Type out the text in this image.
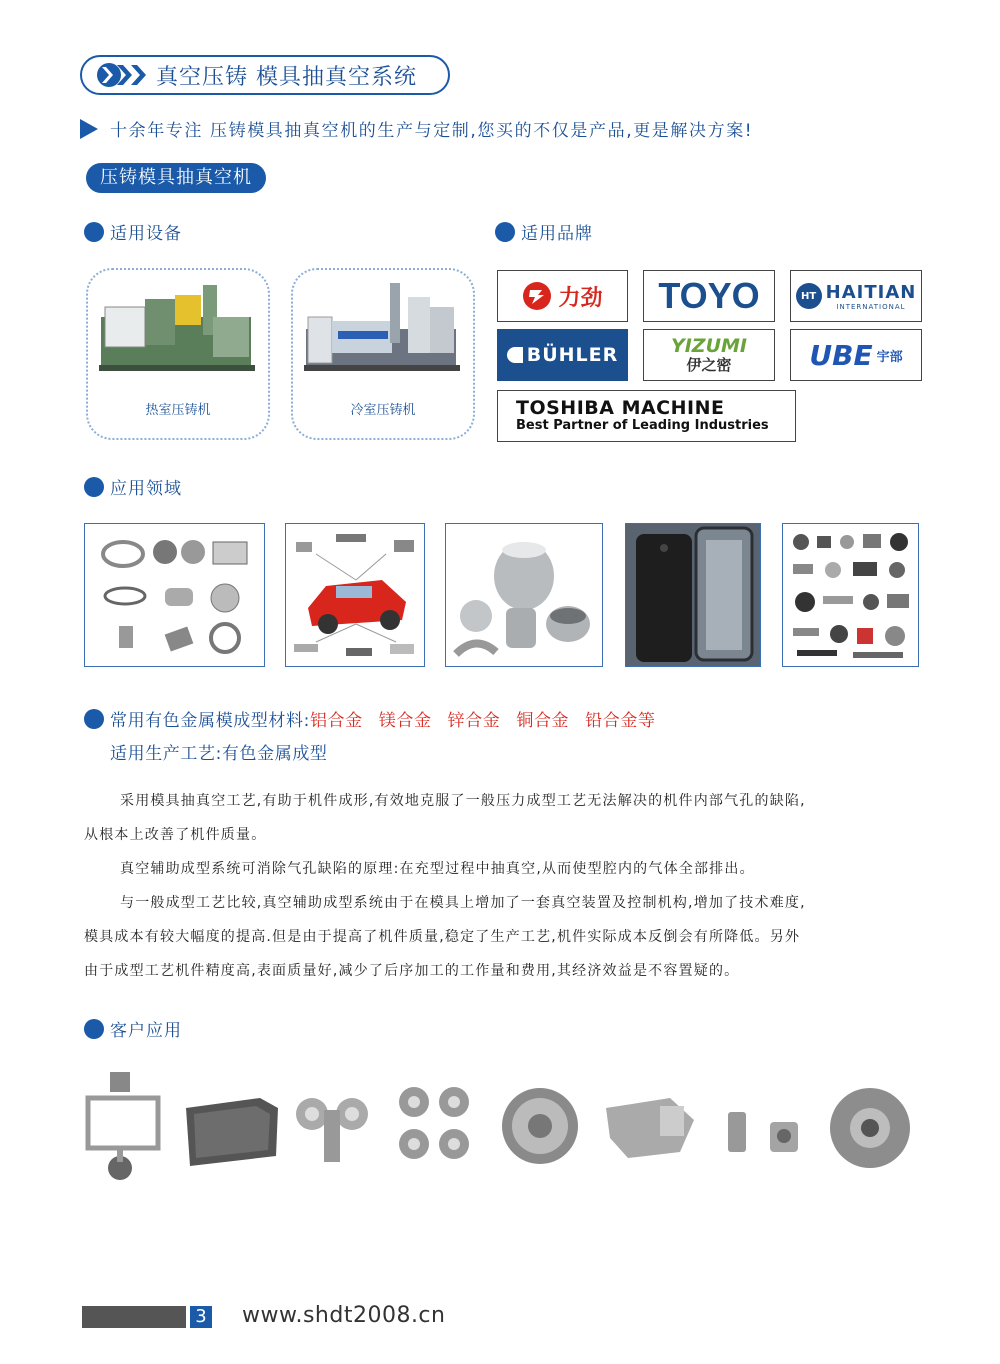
真空压铸 模具抽真空系统
十余年专注 压铸模具抽真空机的生产与定制,您买的不仅是产品,更是解决方案!
压铸模具抽真空机
适用设备
热室压铸机	冷室压铸机
适用品牌
力劲 TOYO	HT HAITIAN
INTERNATIONAL
BÜHLER	YIZUMI
伊之密	UBE 宇部
TOSHIBA MACHINE
Best Partner of Leading Industries
应用领域
常用有色金属模成型材料: 铝合金 镁合金 锌合金 铜合金 铅合金等
适用生产工艺:有色金属成型
采用模具抽真空工艺,有助于机件成形,有效地克服了一般压力成型工艺无法解决的机件内部气孔的缺陷,
从根本上改善了机件质量。
真空辅助成型系统可消除气孔缺陷的原理:在充型过程中抽真空,从而使型腔内的气体全部排出。
与一般成型工艺比较,真空辅助成型系统由于在模具上增加了一套真空装置及控制机构,增加了技术难度,
模具成本有较大幅度的提高.但是由于提高了机件质量,稳定了生产工艺,机件实际成本反倒会有所降低。另外
由于成型工艺机件精度高,表面质量好,减少了后序加工的工作量和费用,其经济效益是不容置疑的。
客户应用
3 www.shdt2008.cn
